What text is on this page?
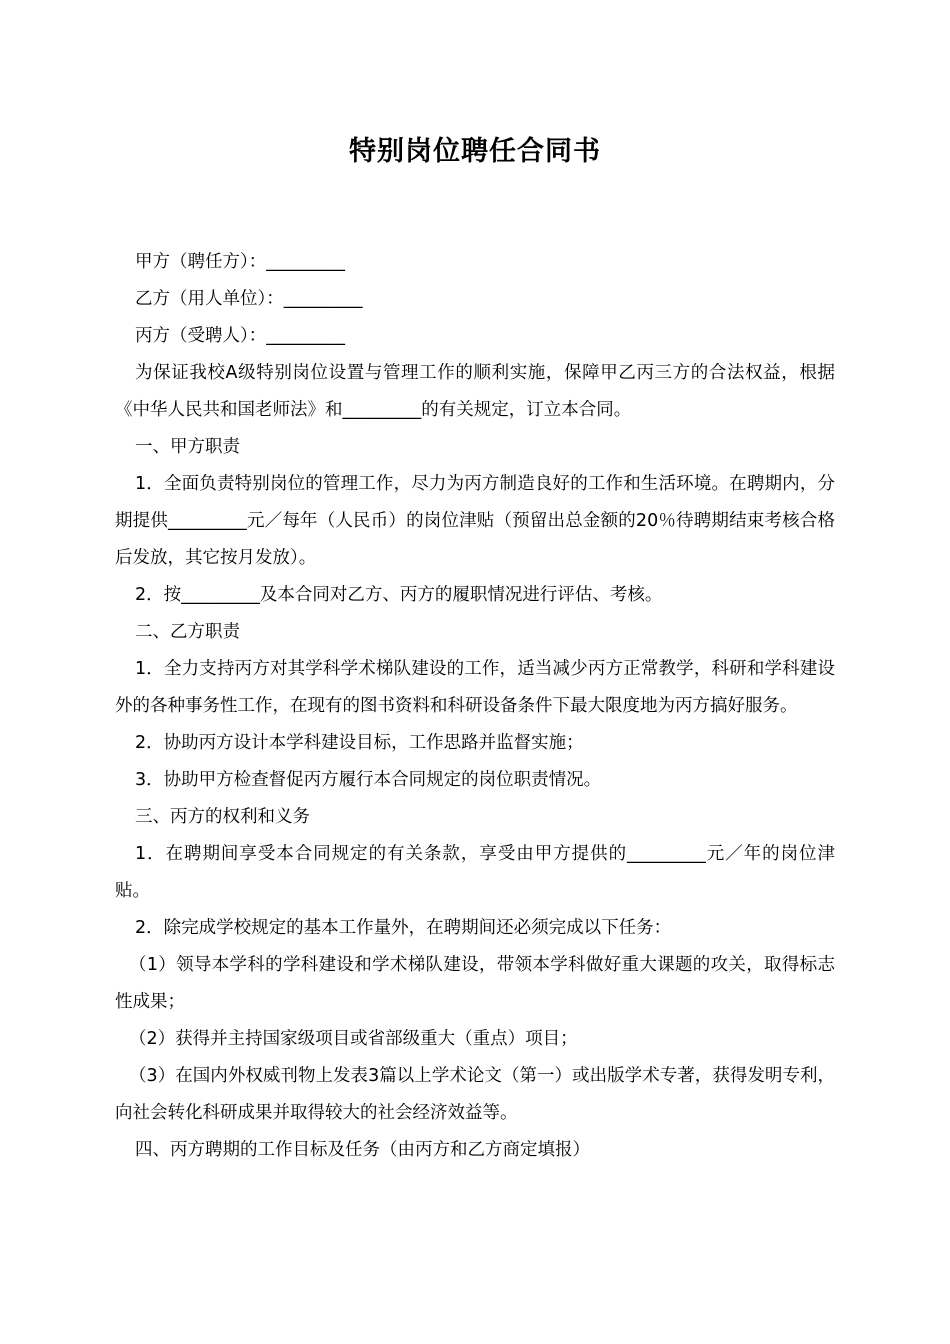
特别岗位聘任合同书

甲方（聘任方）：_________

乙方（用人单位）：_________

丙方（受聘人）：_________

为保证我校A级特别岗位设置与管理工作的顺利实施，保障甲乙丙三方的合法权益，根据《中华人民共和国老师法》和_________的有关规定，订立本合同。

一、甲方职责

1．全面负责特别岗位的管理工作，尽力为丙方制造良好的工作和生活环境。在聘期内，分期提供_________元／每年（人民币）的岗位津贴（预留出总金额的20％待聘期结束考核合格后发放，其它按月发放）。

2．按_________及本合同对乙方、丙方的履职情况进行评估、考核。

二、乙方职责

1．全力支持丙方对其学科学术梯队建设的工作，适当减少丙方正常教学，科研和学科建设外的各种事务性工作，在现有的图书资料和科研设备条件下最大限度地为丙方搞好服务。

2．协助丙方设计本学科建设目标，工作思路并监督实施；

3．协助甲方检查督促丙方履行本合同规定的岗位职责情况。

三、丙方的权利和义务

1．在聘期间享受本合同规定的有关条款，享受由甲方提供的_________元／年的岗位津贴。

2．除完成学校规定的基本工作量外，在聘期间还必须完成以下任务：

（1）领导本学科的学科建设和学术梯队建设，带领本学科做好重大课题的攻关，取得标志性成果；

（2）获得并主持国家级项目或省部级重大（重点）项目；

（3）在国内外权威刊物上发表3篇以上学术论文（第一）或出版学术专著，获得发明专利，向社会转化科研成果并取得较大的社会经济效益等。

四、丙方聘期的工作目标及任务（由丙方和乙方商定填报）
